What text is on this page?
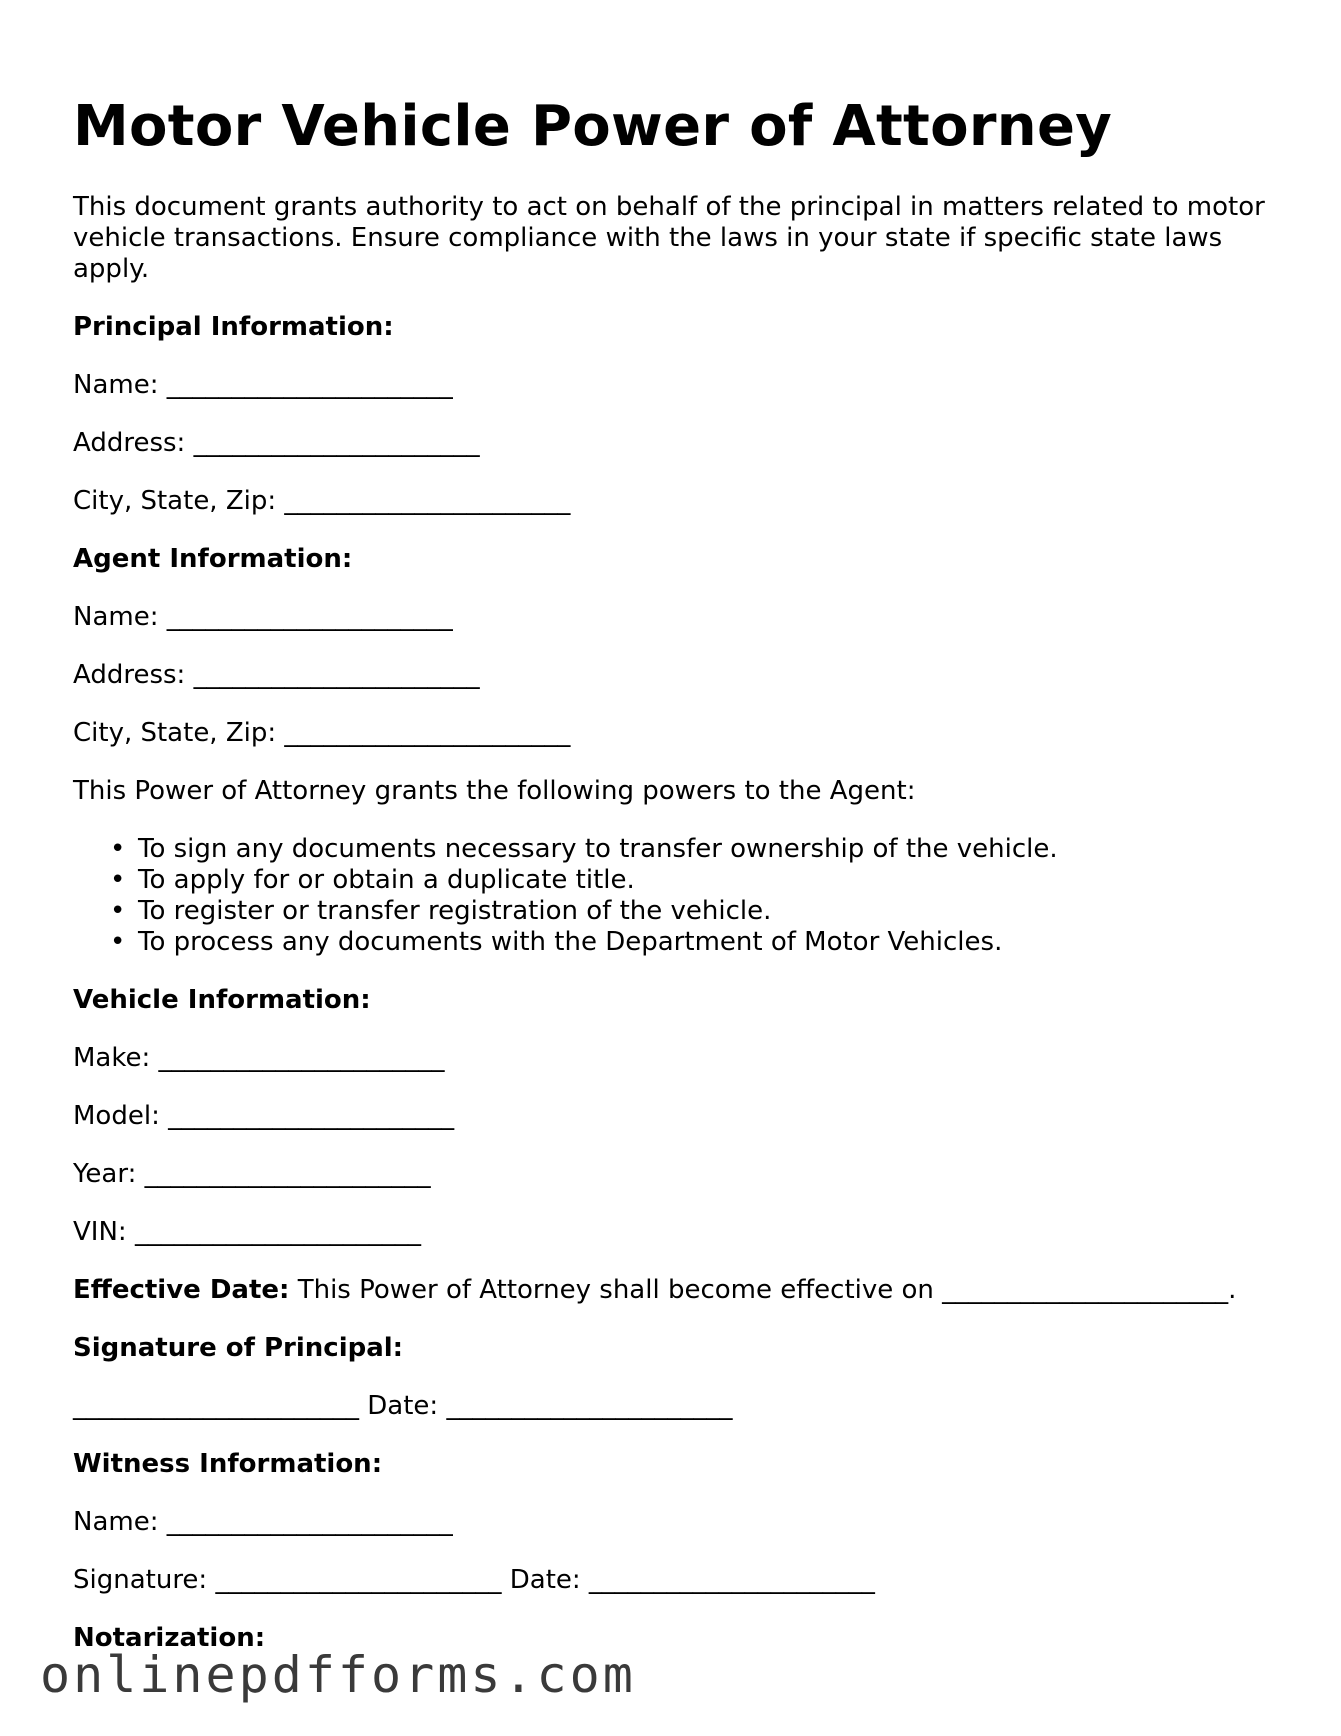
Motor Vehicle Power of Attorney

This document grants authority to act on behalf of the principal in matters related to motor vehicle transactions. Ensure compliance with the laws in your state if specific state laws apply.

Principal Information:

Name: ______________________

Address: ______________________

City, State, Zip: ______________________

Agent Information:

Name: ______________________

Address: ______________________

City, State, Zip: ______________________

This Power of Attorney grants the following powers to the Agent:

• To sign any documents necessary to transfer ownership of the vehicle.
• To apply for or obtain a duplicate title.
• To register or transfer registration of the vehicle.
• To process any documents with the Department of Motor Vehicles.

Vehicle Information:

Make: ______________________

Model: ______________________

Year: ______________________

VIN: ______________________

Effective Date: This Power of Attorney shall become effective on ______________________.

Signature of Principal:

______________________ Date: ______________________

Witness Information:

Name: ______________________

Signature: ______________________ Date: ______________________

Notarization:

onlinepdfforms.com
